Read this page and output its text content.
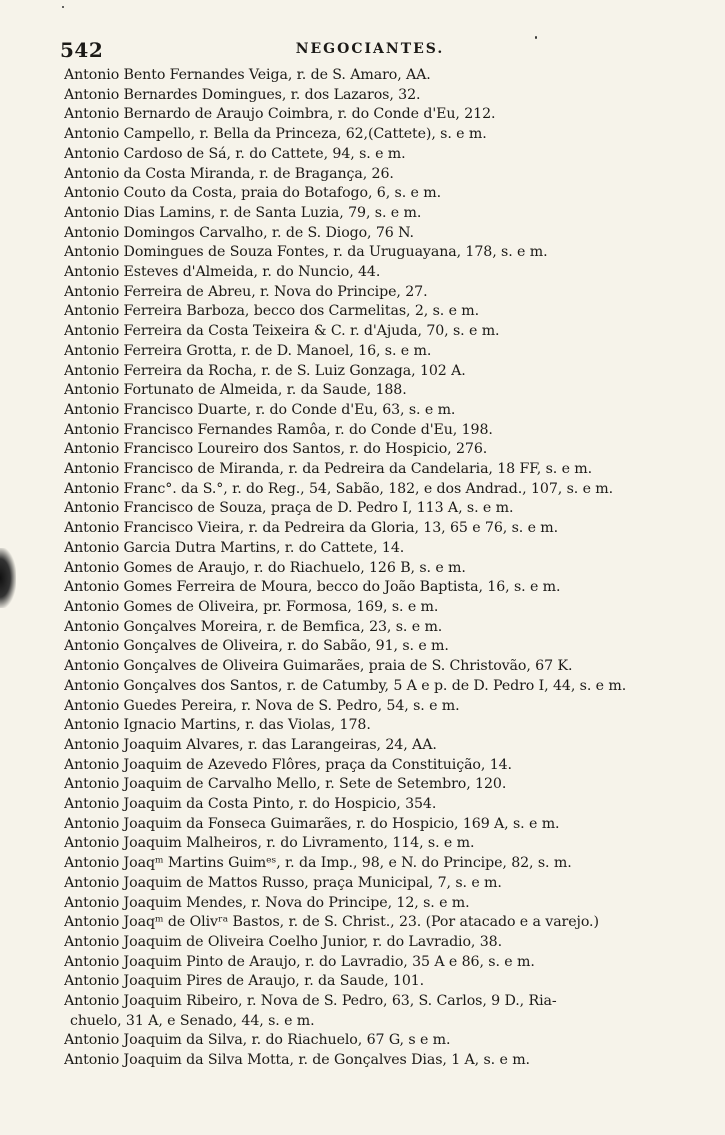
542	NEGOCIANTES.
Antonio Bento Fernandes Veiga, r. de S. Amaro, AA.
Antonio Bernardes Domingues, r. dos Lazaros, 32.
Antonio Bernardo de Araujo Coimbra, r. do Conde d'Eu, 212.
Antonio Campello, r. Bella da Princeza, 62,(Cattete), s. e m.
Antonio Cardoso de Sá, r. do Cattete, 94, s. e m.
Antonio da Costa Miranda, r. de Bragança, 26.
Antonio Couto da Costa, praia do Botafogo, 6, s. e m.
Antonio Dias Lamins, r. de Santa Luzia, 79, s. e m.
Antonio Domingos Carvalho, r. de S. Diogo, 76 N.
Antonio Domingues de Souza Fontes, r. da Uruguayana, 178, s. e m.
Antonio Esteves d'Almeida, r. do Nuncio, 44.
Antonio Ferreira de Abreu, r. Nova do Principe, 27.
Antonio Ferreira Barboza, becco dos Carmelitas, 2, s. e m.
Antonio Ferreira da Costa Teixeira & C. r. d'Ajuda, 70, s. e m.
Antonio Ferreira Grotta, r. de D. Manoel, 16, s. e m.
Antonio Ferreira da Rocha, r. de S. Luiz Gonzaga, 102 A.
Antonio Fortunato de Almeida, r. da Saude, 188.
Antonio Francisco Duarte, r. do Conde d'Eu, 63, s. e m.
Antonio Francisco Fernandes Ramôa, r. do Conde d'Eu, 198.
Antonio Francisco Loureiro dos Santos, r. do Hospicio, 276.
Antonio Francisco de Miranda, r. da Pedreira da Candelaria, 18 FF, s. e m.
Antonio Franc°. da S.°, r. do Reg., 54, Sabão, 182, e dos Andrad., 107, s. e m.
Antonio Francisco de Souza, praça de D. Pedro I, 113 A, s. e m.
Antonio Francisco Vieira, r. da Pedreira da Gloria, 13, 65 e 76, s. e m.
Antonio Garcia Dutra Martins, r. do Cattete, 14.
Antonio Gomes de Araujo, r. do Riachuelo, 126 B, s. e m.
Antonio Gomes Ferreira de Moura, becco do João Baptista, 16, s. e m.
Antonio Gomes de Oliveira, pr. Formosa, 169, s. e m.
Antonio Gonçalves Moreira, r. de Bemfica, 23, s. e m.
Antonio Gonçalves de Oliveira, r. do Sabão, 91, s. e m.
Antonio Gonçalves de Oliveira Guimarães, praia de S. Christovão, 67 K.
Antonio Gonçalves dos Santos, r. de Catumby, 5 A e p. de D. Pedro I, 44, s. e m.
Antonio Guedes Pereira, r. Nova de S. Pedro, 54, s. e m.
Antonio Ignacio Martins, r. das Violas, 178.
Antonio Joaquim Alvares, r. das Larangeiras, 24, AA.
Antonio Joaquim de Azevedo Flôres, praça da Constituição, 14.
Antonio Joaquim de Carvalho Mello, r. Sete de Setembro, 120.
Antonio Joaquim da Costa Pinto, r. do Hospicio, 354.
Antonio Joaquim da Fonseca Guimarães, r. do Hospicio, 169 A, s. e m.
Antonio Joaquim Malheiros, r. do Livramento, 114, s. e m.
Antonio Joaqᵐ Martins Guimᵉˢ, r. da Imp., 98, e N. do Principe, 82, s. m.
Antonio Joaquim de Mattos Russo, praça Municipal, 7, s. e m.
Antonio Joaquim Mendes, r. Nova do Principe, 12, s. e m.
Antonio Joaqᵐ de Olivʳᵃ Bastos, r. de S. Christ., 23. (Por atacado e a varejo.)
Antonio Joaquim de Oliveira Coelho Junior, r. do Lavradio, 38.
Antonio Joaquim Pinto de Araujo, r. do Lavradio, 35 A e 86, s. e m.
Antonio Joaquim Pires de Araujo, r. da Saude, 101.
Antonio Joaquim Ribeiro, r. Nova de S. Pedro, 63, S. Carlos, 9 D., Ria-
chuelo, 31 A, e Senado, 44, s. e m.
Antonio Joaquim da Silva, r. do Riachuelo, 67 G, s e m.
Antonio Joaquim da Silva Motta, r. de Gonçalves Dias, 1 A, s. e m.
